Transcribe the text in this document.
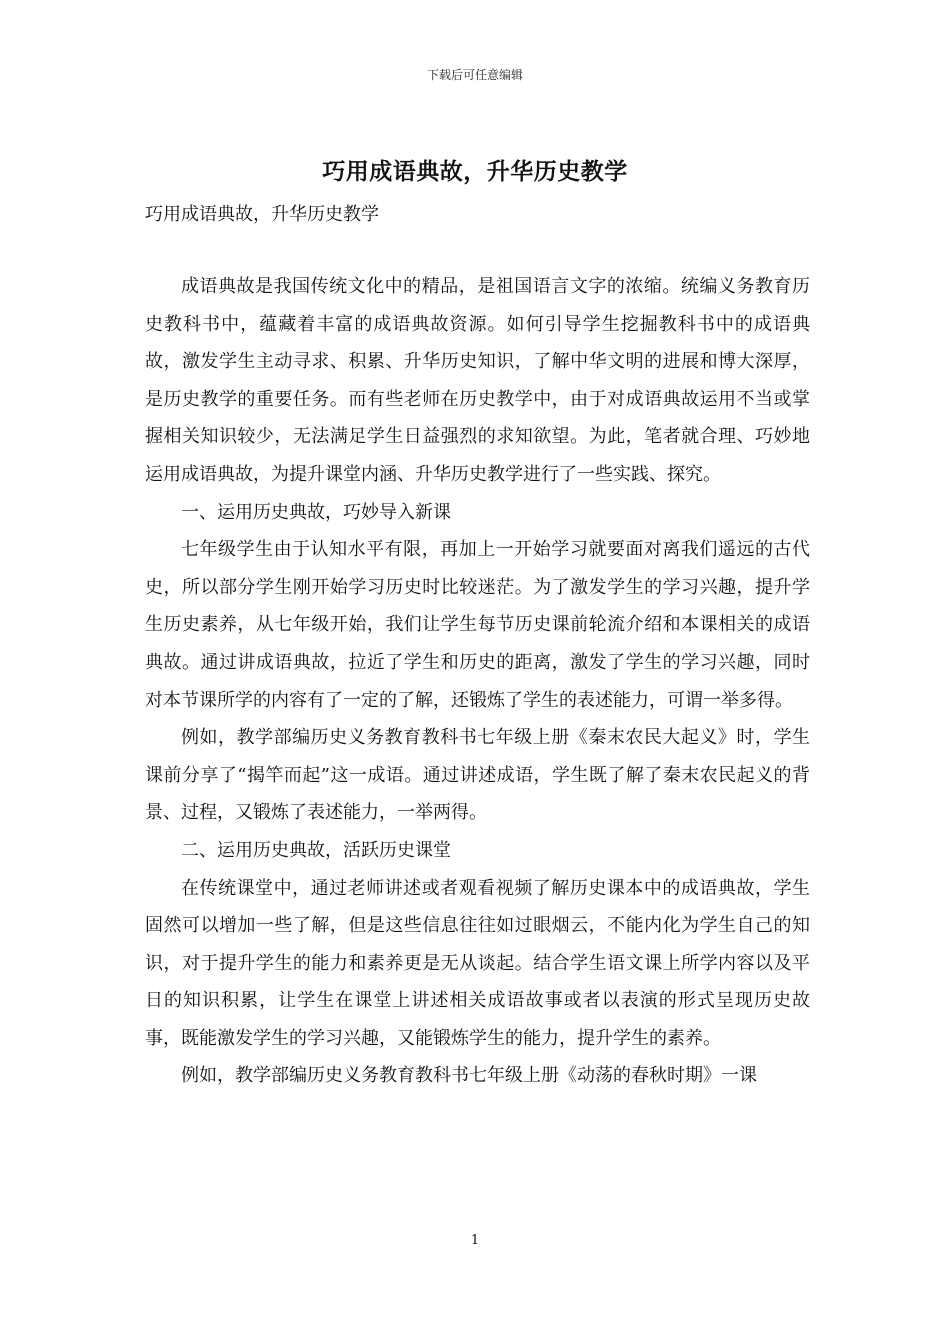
下载后可任意编辑
巧用成语典故，升华历史教学
巧用成语典故，升华历史教学

成语典故是我国传统文化中的精品，是祖国语言文字的浓缩。统编义务教育历史教科书中，蕴藏着丰富的成语典故资源。如何引导学生挖掘教科书中的成语典故，激发学生主动寻求、积累、升华历史知识，了解中华文明的进展和博大深厚，是历史教学的重要任务。而有些老师在历史教学中，由于对成语典故运用不当或掌握相关知识较少，无法满足学生日益强烈的求知欲望。为此，笔者就合理、巧妙地运用成语典故，为提升课堂内涵、升华历史教学进行了一些实践、探究。

一、运用历史典故，巧妙导入新课

七年级学生由于认知水平有限，再加上一开始学习就要面对离我们遥远的古代史，所以部分学生刚开始学习历史时比较迷茫。为了激发学生的学习兴趣，提升学生历史素养，从七年级开始，我们让学生每节历史课前轮流介绍和本课相关的成语典故。通过讲成语典故，拉近了学生和历史的距离，激发了学生的学习兴趣，同时对本节课所学的内容有了一定的了解，还锻炼了学生的表述能力，可谓一举多得。

例如，教学部编历史义务教育教科书七年级上册《秦末农民大起义》时，学生课前分享了“揭竿而起”这一成语。通过讲述成语，学生既了解了秦末农民起义的背景、过程，又锻炼了表述能力，一举两得。

二、运用历史典故，活跃历史课堂

在传统课堂中，通过老师讲述或者观看视频了解历史课本中的成语典故，学生固然可以增加一些了解，但是这些信息往往如过眼烟云，不能内化为学生自己的知识，对于提升学生的能力和素养更是无从谈起。结合学生语文课上所学内容以及平日的知识积累，让学生在课堂上讲述相关成语故事或者以表演的形式呈现历史故事，既能激发学生的学习兴趣，又能锻炼学生的能力，提升学生的素养。

例如，教学部编历史义务教育教科书七年级上册《动荡的春秋时期》一课

1
